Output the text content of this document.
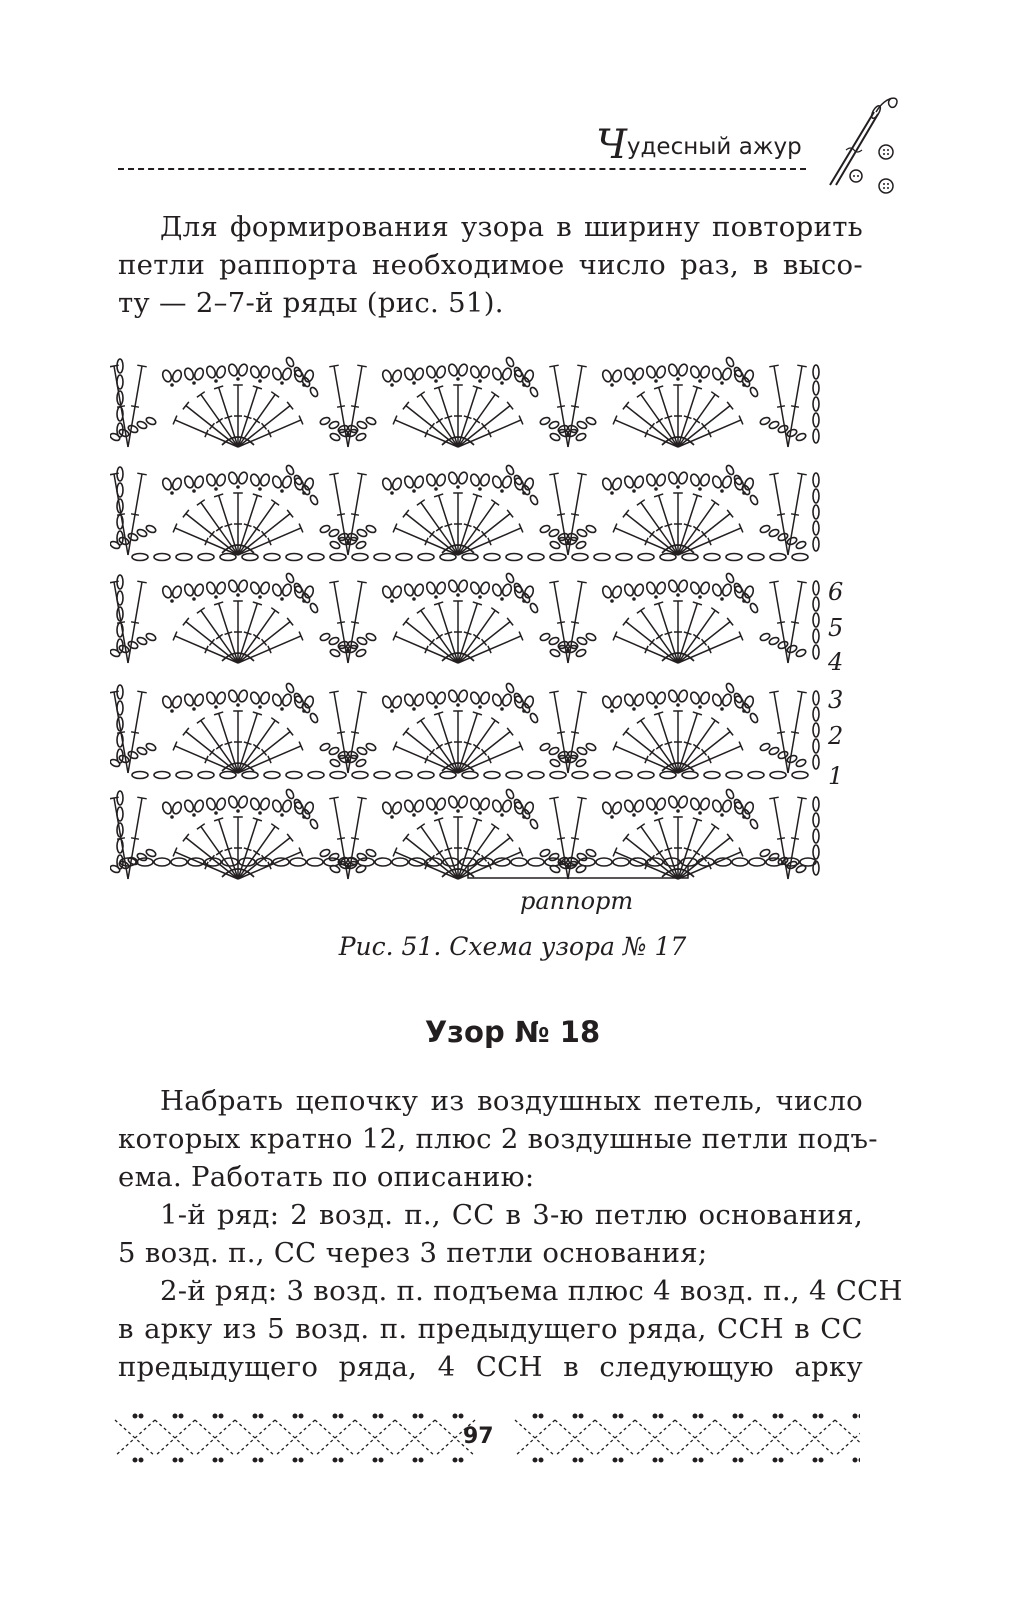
Чудесный ажур
Для формирования узора в ширину повторить
петли раппорта необходимое число раз, в высо-
ту — 2–7-й ряды (рис. 51).
раппорт
6
5
4
3
2
1
Рис. 51. Схема узора № 17
Узор № 18
Набрать цепочку из воздушных петель, число
которых кратно 12, плюс 2 воздушные петли подъ-
ема. Работать по описанию:
1-й ряд: 2 возд. п., СС в 3-ю петлю основания,
5 возд. п., СС через 3 петли основания;
2-й ряд: 3 возд. п. подъема плюс 4 возд. п., 4 ССН
в арку из 5 возд. п. предыдущего ряда, ССН в СС
предыдущего ряда, 4 ССН в следующую арку
97
